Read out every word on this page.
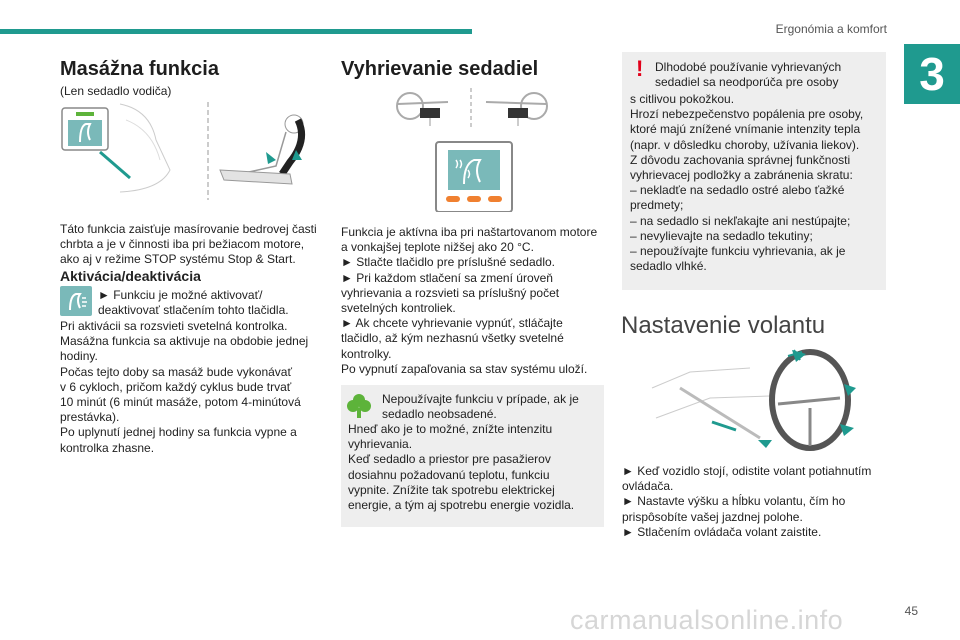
Ergonómia a komfort
3
Masážna funkcia
(Len sedadlo vodiča)
Táto funkcia zaisťuje masírovanie bedrovej časti
chrbta a je v činnosti iba pri bežiacom motore,
ako aj v režime STOP systému Stop & Start.
Aktivácia/deaktivácia
► Funkciu je možné aktivovať/
deaktivovať stlačením tohto tlačidla.
Pri aktivácii sa rozsvieti svetelná kontrolka.
Masážna funkcia sa aktivuje na obdobie jednej
hodiny.
Počas tejto doby sa masáž bude vykonávať
v 6 cykloch, pričom každý cyklus bude trvať
10 minút (6 minút masáže, potom 4-minútová
prestávka).
Po uplynutí jednej hodiny sa funkcia vypne a
kontrolka zhasne.
Vyhrievanie sedadiel
Funkcia je aktívna iba pri naštartovanom motore
a vonkajšej teplote nižšej ako 20 °C.
► Stlačte tlačidlo pre príslušné sedadlo.
► Pri každom stlačení sa zmení úroveň
vyhrievania a rozsvieti sa príslušný počet
svetelných kontroliek.
► Ak chcete vyhrievanie vypnúť, stláčajte
tlačidlo, až kým nezhasnú všetky svetelné
kontrolky.
Po vypnutí zapaľovania sa stav systému uloží.
Nepoužívajte funkciu v prípade, ak je
sedadlo neobsadené.
Hneď ako je to možné, znížte intenzitu
vyhrievania.
Keď sedadlo a priestor pre pasažierov
dosiahnu požadovanú teplotu, funkciu
vypnite. Znížite tak spotrebu elektrickej
energie, a tým aj spotrebu energie vozidla.
! Dlhodobé používanie vyhrievaných
sedadiel sa neodporúča pre osoby
s citlivou pokožkou.
Hrozí nebezpečenstvo popálenia pre osoby,
ktoré majú znížené vnímanie intenzity tepla
(napr. v dôsledku choroby, užívania liekov).
Z dôvodu zachovania správnej funkčnosti
vyhrievacej podložky a zabránenia skratu:
– nekladťe na sedadlo ostré alebo ťažké
predmety;
– na sedadlo si nekľakajte ani nestúpajte;
– nevylievajte na sedadlo tekutiny;
– nepoužívajte funkciu vyhrievania, ak je
sedadlo vlhké.
Nastavenie volantu
► Keď vozidlo stojí, odistite volant potiahnutím
ovládača.
► Nastavte výšku a hĺbku volantu, čím ho
prispôsobíte vašej jazdnej polohe.
► Stlačením ovládača volant zaistite.
carmanualsonline.info	45
